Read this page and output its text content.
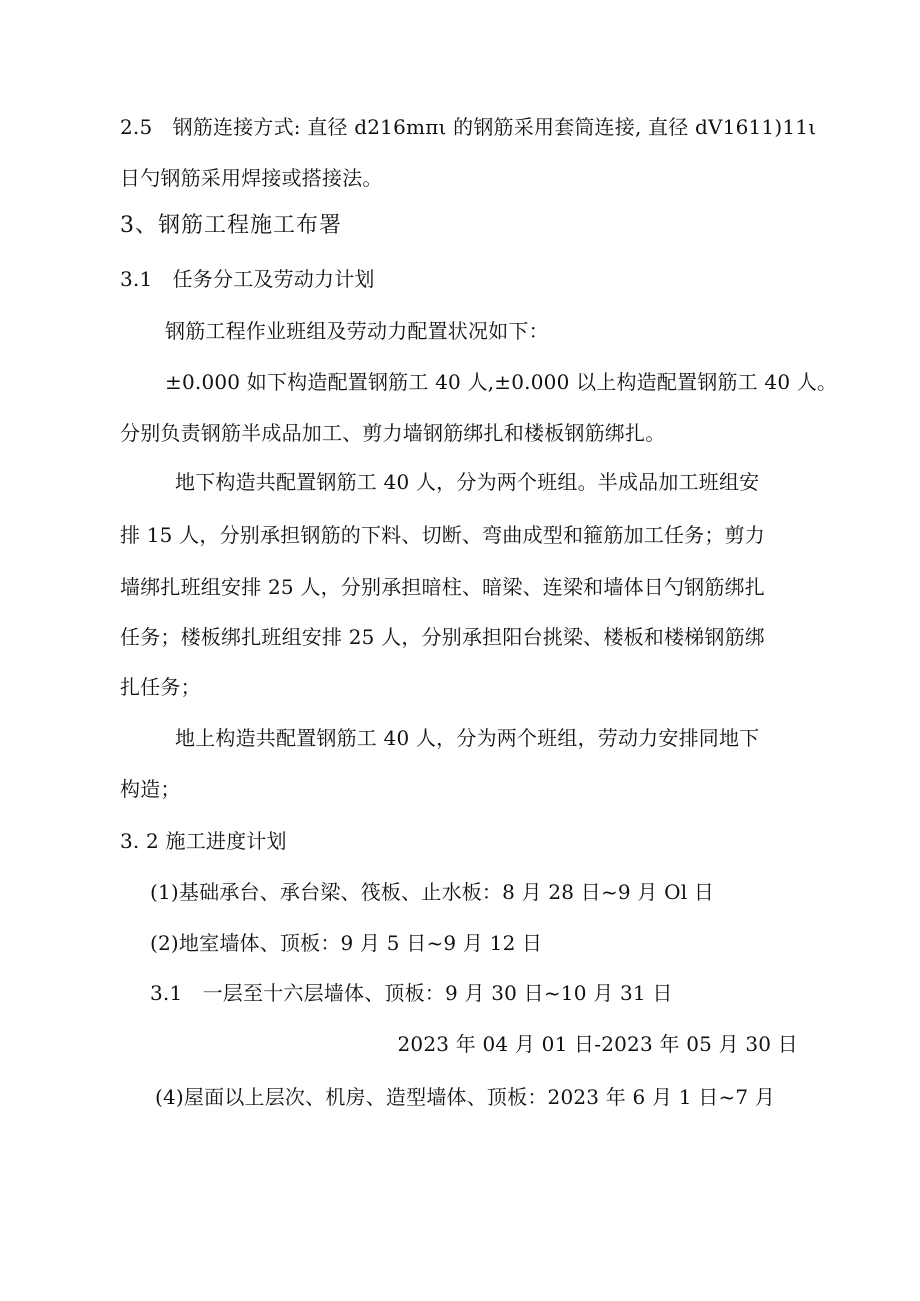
2.5　钢筋连接方式: 直径 d216mπι 的钢筋采用套筒连接, 直径 dV1611)11ι
日勺钢筋采用焊接或搭接法。
3、钢筋工程施工布署
3.1　任务分工及劳动力计划
钢筋工程作业班组及劳动力配置状况如下：
±0.000 如下构造配置钢筋工 40 人,±0.000 以上构造配置钢筋工 40 人。
分别负责钢筋半成品加工、剪力墙钢筋绑扎和楼板钢筋绑扎。
地下构造共配置钢筋工 40 人，分为两个班组。半成品加工班组安
排 15 人，分别承担钢筋的下料、切断、弯曲成型和箍筋加工任务；剪力
墙绑扎班组安排 25 人，分别承担暗柱、暗梁、连梁和墙体日勺钢筋绑扎
任务；楼板绑扎班组安排 25 人，分别承担阳台挑梁、楼板和楼梯钢筋绑
扎任务；
地上构造共配置钢筋工 40 人，分为两个班组，劳动力安排同地下
构造；
3. 2 施工进度计划
(1)基础承台、承台梁、筏板、止水板：8 月 28 日~9 月 Ol 日
(2)地室墙体、顶板：9 月 5 日~9 月 12 日
3.1　一层至十六层墙体、顶板：9 月 30 日~10 月 31 日
2023 年 04 月 01 日-2023 年 05 月 30 日
(4)屋面以上层次、机房、造型墙体、顶板：2023 年 6 月 1 日~7 月
